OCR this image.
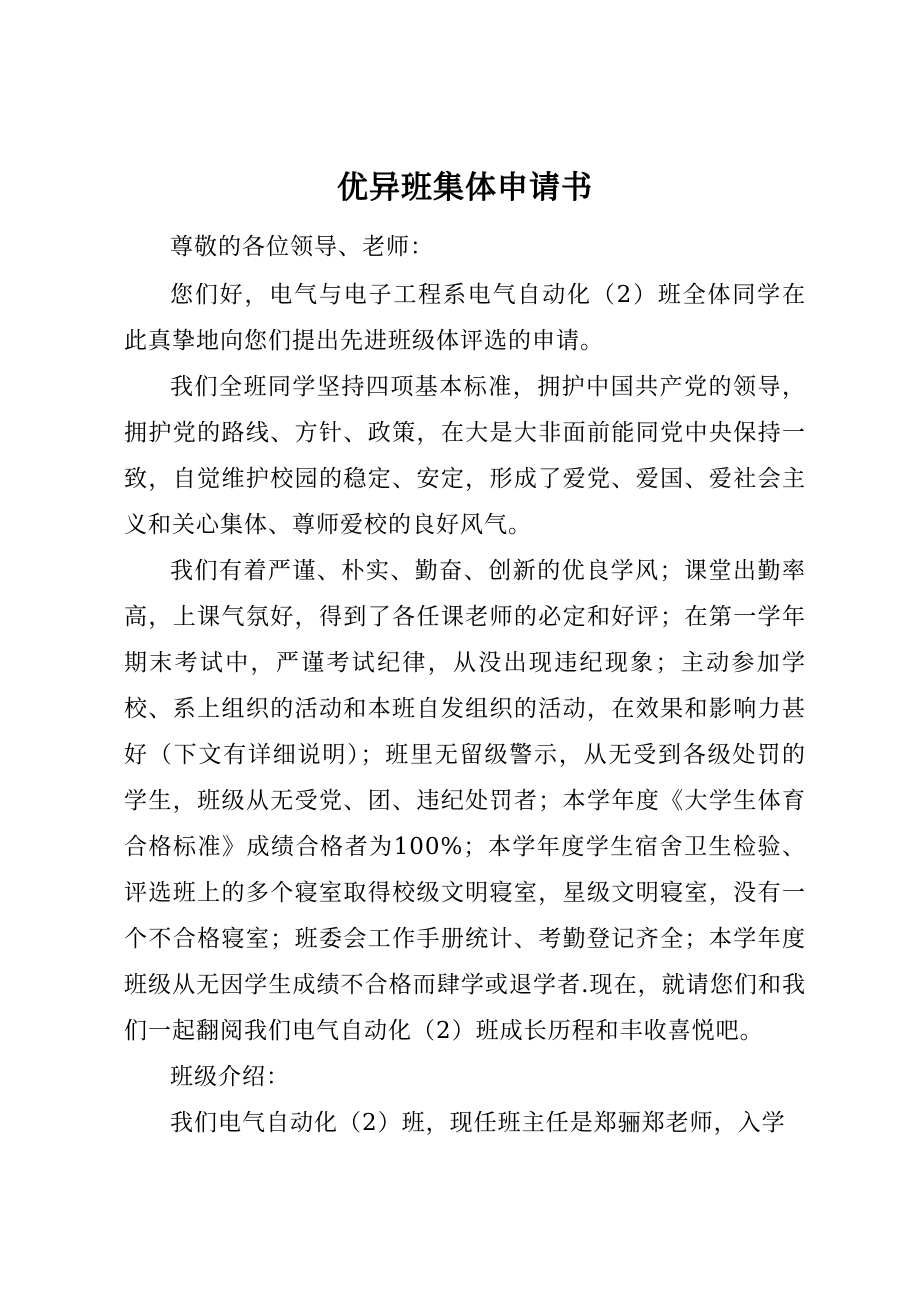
优异班集体申请书

尊敬的各位领导、老师：

您们好，电气与电子工程系电气自动化（2）班全体同学在此真挚地向您们提出先进班级体评选的申请。

我们全班同学坚持四项基本标准，拥护中国共产党的领导，拥护党的路线、方针、政策，在大是大非面前能同党中央保持一致，自觉维护校园的稳定、安定，形成了爱党、爱国、爱社会主义和关心集体、尊师爱校的良好风气。

我们有着严谨、朴实、勤奋、创新的优良学风；课堂出勤率高，上课气氛好，得到了各任课老师的必定和好评；在第一学年期末考试中，严谨考试纪律，从没出现违纪现象；主动参加学校、系上组织的活动和本班自发组织的活动，在效果和影响力甚好（下文有详细说明）；班里无留级警示，从无受到各级处罚的学生，班级从无受党、团、违纪处罚者；本学年度《大学生体育合格标准》成绩合格者为100%；本学年度学生宿舍卫生检验、评选班上的多个寝室取得校级文明寝室，星级文明寝室，没有一个不合格寝室；班委会工作手册统计、考勤登记齐全；本学年度班级从无因学生成绩不合格而肆学或退学者.现在，就请您们和我们一起翻阅我们电气自动化（2）班成长历程和丰收喜悦吧。

班级介绍：

我们电气自动化（2）班，现任班主任是郑骊郑老师，入学
